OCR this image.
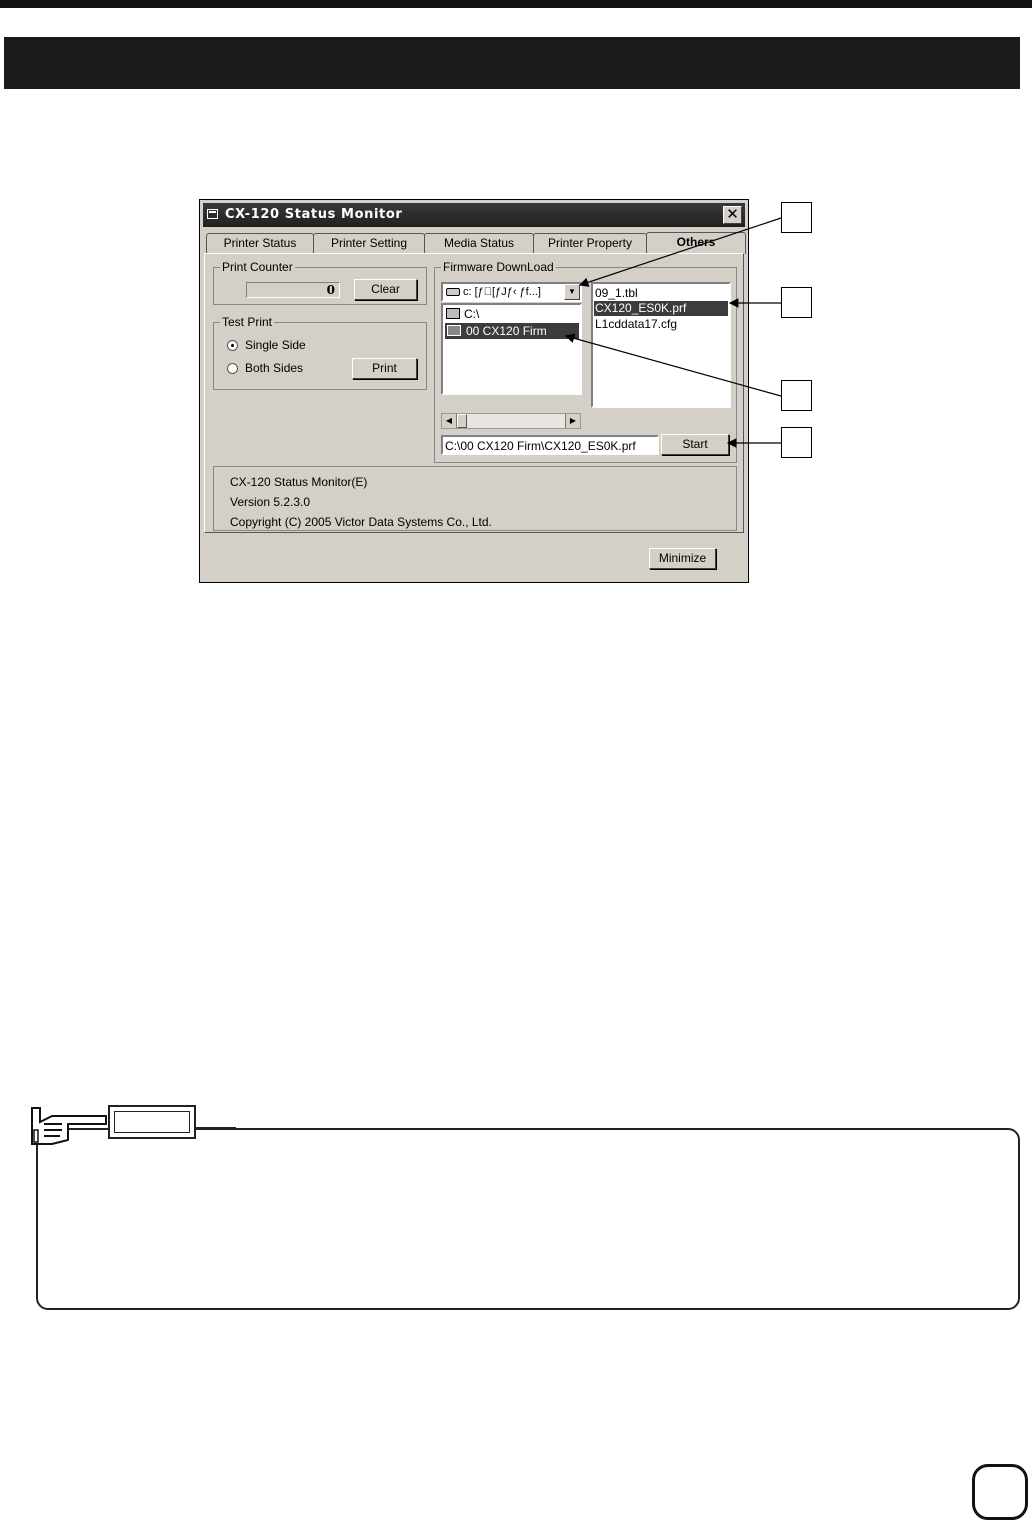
CX-120 Status Monitor	✕
Printer Status	Printer Setting	Media Status	Printer Property	Others
Print Counter
0	Clear
Test Print
Single Side
Both Sides	Print
Firmware DownLoad
c: [ƒ [ƒJƒ‹ ƒf...]	▼
C:\
00 CX120 Firm
09_1.tbl
CX120_ES0K.prf
L1cddata17.cfg
◀	▶
C:\00 CX120 Firm\CX120_ES0K.prf	Start
CX-120 Status Monitor(E)
Version 5.2.3.0
Copyright (C) 2005 Victor Data Systems Co., Ltd.
Minimize
